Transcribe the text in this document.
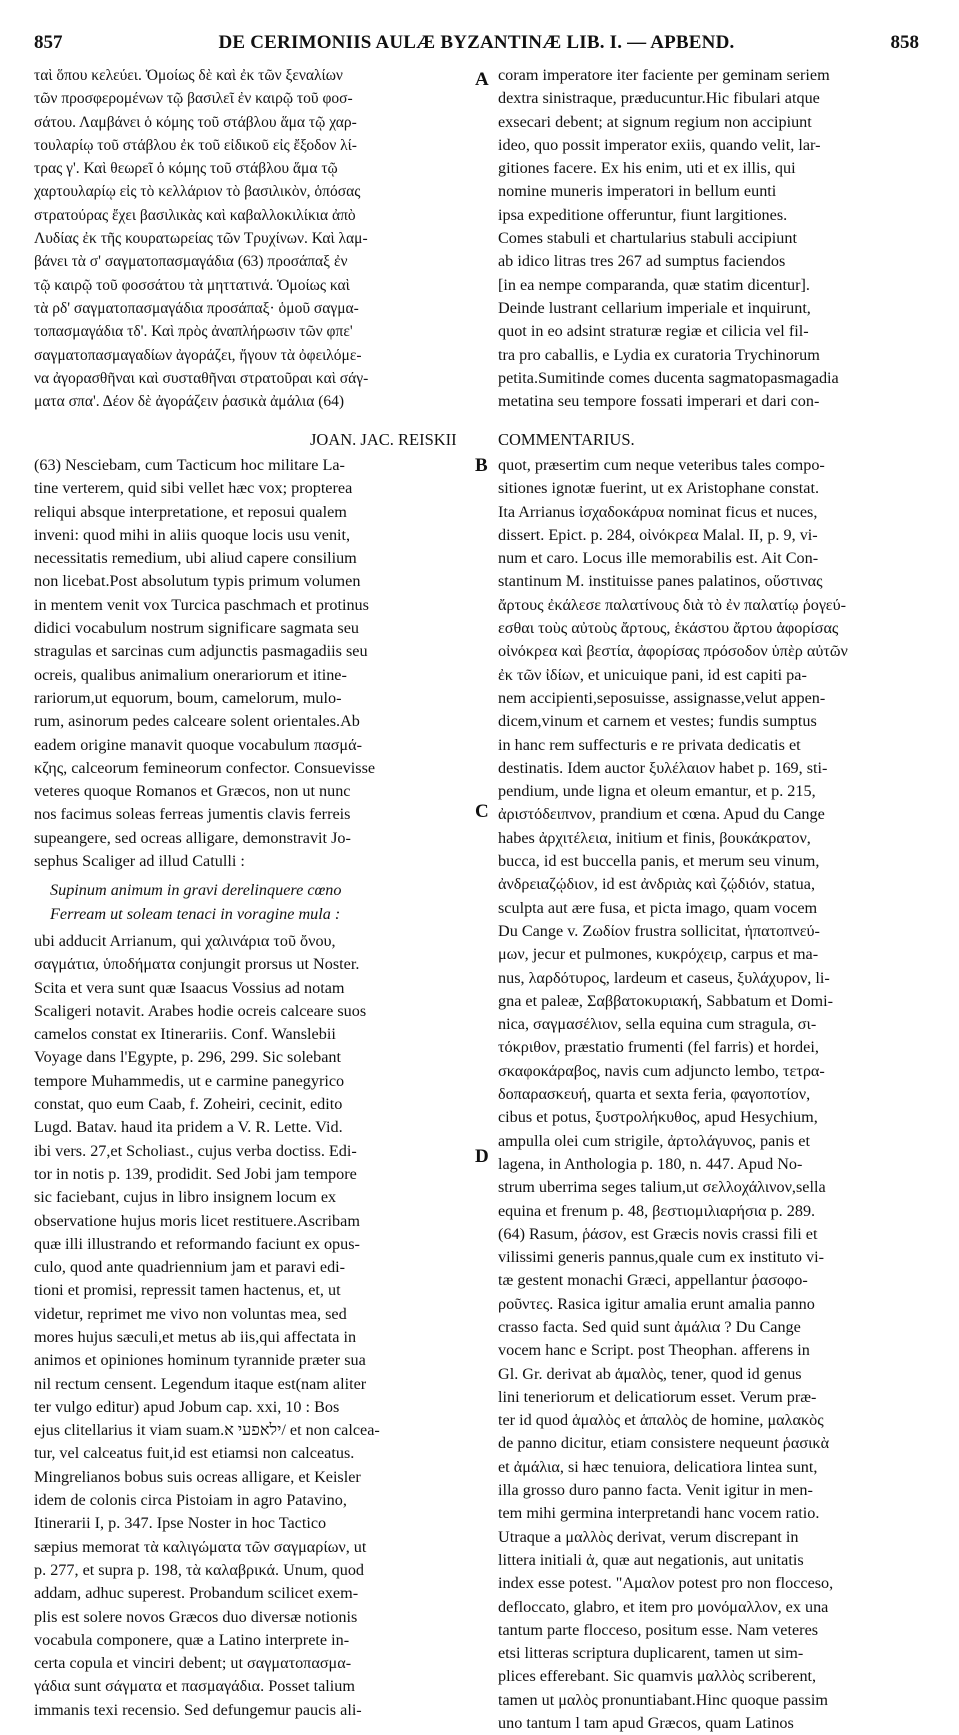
857	DE CERIMONIIS AULÆ BYZANTINÆ LIB. I. — APBEND.	858
ταὶ ὅπου κελεύει. Ὁμοίως δὲ καὶ ἐκ τῶν ξεναλίων
τῶν προσφερομένων τῷ βασιλεῖ ἐν καιρῷ τοῦ φοσ-
σάτου. Λαμβάνει ὁ κόμης τοῦ στάβλου ἅμα τῷ χαρ-
τουλαρίῳ τοῦ στάβλου ἐκ τοῦ εἰδικοῦ εἰς ἔξοδον λί-
τρας γ'. Καὶ θεωρεῖ ὁ κόμης τοῦ στάβλου ἅμα τῷ
χαρτουλαρίῳ εἰς τὸ κελλάριον τὸ βασιλικὸν, ὁπόσας
στρατούρας ἔχει βασιλικὰς καὶ καβαλλοκιλίκια ἀπὸ
Λυδίας ἐκ τῆς κουρατωρείας τῶν Τρυχίνων. Καὶ λαμ-
βάνει τὰ σ' σαγματοπασμαγάδια (63) προσάπαξ ἐν
τῷ καιρῷ τοῦ φοσσάτου τὰ μηττατινά. Ὁμοίως καὶ
τὰ ρδ' σαγματοπασμαγάδια προσάπαξ· ὁμοῦ σαγμα-
τοπασμαγάδια τδ'. Καὶ πρὸς ἀναπλήρωσιν τῶν φπε'
σαγματοπασμαγαδίων ἀγοράζει, ἤγουν τὰ ὀφειλόμε-
να ἀγορασθῆναι καὶ συσταθῆναι στρατοῦραι καὶ σάγ-
ματα σπα'. Δέον δὲ ἀγοράζειν ῥασικὰ ἀμάλια (64)
coram imperatore iter faciente per geminam seriem
dextra sinistraque, præducuntur.Hic fibulari atque
exsecari debent; at signum regium non accipiunt
ideo, quo possit imperator exiis, quando velit, lar-
gitiones facere. Ex his enim, uti et ex illis, qui
nomine muneris imperatori in bellum eunti
ipsa expeditione offeruntur, fiunt largitiones.
Comes stabuli et chartularius stabuli accipiunt
ab idico litras tres 267 ad sumptus faciendos
[in ea nempe comparanda, quæ statim dicentur].
Deinde lustrant cellarium imperiale et inquirunt,
quot in eo adsint straturæ regiæ et cilicia vel fil-
tra pro caballis, e Lydia ex curatoria Trychinorum
petita.Sumitinde comes ducenta sagmatopasmagadia
metatina seu tempore fossati imperari et dari con-
A
B
C
D
JOAN. JAC. REISKII	COMMENTARIUS.
(63) Nesciebam, cum Tacticum hoc militare La-
tine verterem, quid sibi vellet hæc vox; propterea
reliqui absque interpretatione, et reposui qualem
inveni: quod mihi in aliis quoque locis usu venit,
necessitatis remedium, ubi aliud capere consilium
non licebat.Post absolutum typis primum volumen
in mentem venit vox Turcica paschmach et protinus
didici vocabulum nostrum significare sagmata seu
stragulas et sarcinas cum adjunctis pasmagadiis seu
ocreis, qualibus animalium onerariorum et itine-
rariorum,ut equorum, boum, camelorum, mulo-
rum, asinorum pedes calceare solent orientales.Ab
eadem origine manavit quoque vocabulum πασμά-
κζης, calceorum femineorum confector. Consuevisse
veteres quoque Romanos et Græcos, non ut nunc
nos facimus soleas ferreas jumentis clavis ferreis
supeangere, sed ocreas alligare, demonstravit Jo-
sephus Scaliger ad illud Catulli :
Supinum animum in gravi derelinquere cœno
Ferream ut soleam tenaci in voragine mula :
ubi adducit Arrianum, qui χαλινάρια τοῦ ὄνου,
σαγμάτια, ὑποδήματα conjungit prorsus ut Noster.
Scita et vera sunt quæ Isaacus Vossius ad notam
Scaligeri notavit. Arabes hodie ocreis calceare suos
camelos constat ex Itinerariis. Conf. Wanslebii
Voyage dans l'Egypte, p. 296, 299. Sic solebant
tempore Muhammedis, ut e carmine panegyrico
constat, quo eum Caab, f. Zoheiri, cecinit, edito
Lugd. Batav. haud ita pridem a V. R. Lette. Vid.
ibi vers. 27,et Scholiast., cujus verba doctiss. Edi-
tor in notis p. 139, prodidit. Sed Jobi jam tempore
sic faciebant, cujus in libro insignem locum ex
observatione hujus moris licet restituere.Ascribam
quæ illi illustrando et reformando faciunt ex opus-
culo, quod ante quadriennium jam et paravi edi-
tioni et promisi, repressit tamen hactenus, et, ut
videtur, reprimet me vivo non voluntas mea, sed
mores hujus sæculi,et metus ab iis,qui affectata in
animos et opiniones hominum tyrannide præter sua
nil rectum censent. Legendum itaque est(nam aliter
ter vulgo editur) apud Jobum cap. xxi, 10 : Bos
ejus clitellarius it viam suam.ילאפעי א/ et non calcea-
tur, vel calceatus fuit,id est etiamsi non calceatus.
Mingrelianos bobus suis ocreas alligare, et Keisler
idem de colonis circa Pistoiam in agro Patavino,
Itinerarii I, p. 347. Ipse Noster in hoc Tactico
sæpius memorat τὰ καλιγώματα τῶν σαγμαρίων, ut
p. 277, et supra p. 198, τὰ καλαβρικά. Unum, quod
addam, adhuc superest. Probandum scilicet exem-
plis est solere novos Græcos duo diversæ notionis
vocabula componere, quæ a Latino interprete in-
certa copula et vinciri debent; ut σαγματοπασμα-
γάδια sunt σάγματα et πασμαγάδια. Posset talium
immanis texi recensio. Sed defungemur paucis ali-
quot, præsertim cum neque veteribus tales compo-
sitiones ignotæ fuerint, ut ex Aristophane constat.
Ita Arrianus ἰσχαδοκάρυα nominat ficus et nuces,
dissert. Epict. p. 284, οἰνόκρεα Malal. II, p. 9, vi-
num et caro. Locus ille memorabilis est. Ait Con-
stantinum M. instituisse panes palatinos, οὕστινας
ἄρτους ἐκάλεσε παλατίνους διὰ τὸ ἐν παλατίῳ ῥογεύ-
εσθαι τοὺς αὐτοὺς ἄρτους, ἑκάστου ἄρτου ἀφορίσας
οἰνόκρεα καὶ βεστία, ἀφορίσας πρόσοδον ὑπὲρ αὐτῶν
ἐκ τῶν ἰδίων, et unicuique pani, id est capiti pa-
nem accipienti,seposuisse, assignasse,velut appen-
dicem,vinum et carnem et vestes; fundis sumptus
in hanc rem suffecturis e re privata dedicatis et
destinatis. Idem auctor ξυλέλαιον habet p. 169, sti-
pendium, unde ligna et oleum emantur, et p. 215,
ἀριστόδειπνον, prandium et cœna. Apud du Cange
habes ἀρχιτέλεια, initium et finis, βουκάκρατον,
bucca, id est buccella panis, et merum seu vinum,
ἀνδρειαζῴδιον, id est ἀνδριὰς καὶ ζῴδιόν, statua,
sculpta aut ære fusa, et picta imago, quam vocem
Du Cange v. Ζωδίον frustra sollicitat, ἡπατοπνεύ-
μων, jecur et pulmones, κυκρόχειρ, carpus et ma-
nus, λαρδότυρος, lardeum et caseus, ξυλάχυρον, li-
gna et paleæ, Σαββατοκυριακή, Sabbatum et Domi-
nica, σαγμασέλιον, sella equina cum stragula, σι-
τόκριθον, præstatio frumenti (fel farris) et hordei,
σκαφοκάραβος, navis cum adjuncto lembo, τετρα-
δοπαρασκευή, quarta et sexta feria, φαγοποτίον,
cibus et potus, ξυστρολήκυθος, apud Hesychium,
ampulla olei cum strigile, ἀρτολάγυνος, panis et
lagena, in Anthologia p. 180, n. 447. Apud No-
strum uberrima seges talium,ut σελλοχάλινον,sella
equina et frenum p. 48, βεστιομιλιαρήσια p. 289.
(64) Rasum, ῥάσον, est Græcis novis crassi fili et
vilissimi generis pannus,quale cum ex instituto vi-
tæ gestent monachi Græci, appellantur ῥασοφο-
ροῦντες. Rasica igitur amalia erunt amalia panno
crasso facta. Sed quid sunt ἀμάλια ? Du Cange
vocem hanc e Script. post Theophan. afferens in
Gl. Gr. derivat ab ἁμαλὸς, tener, quod id genus
lini teneriorum et delicatiorum esset. Verum præ-
ter id quod ἁμαλὸς et ἁπαλὸς de homine, μαλακὸς
de panno dicitur, etiam consistere nequeunt ῥασικὰ
et ἀμάλια, si hæc tenuiora, delicatiora lintea sunt,
illa grosso duro panno facta. Venit igitur in men-
tem mihi germina interpretandi hanc vocem ratio.
Utraque a μαλλὸς derivat, verum discrepant in
littera initiali ἀ, quæ aut negationis, aut unitatis
index esse potest. "Αμαλον potest pro non flocceso,
defloccato, glabro, et item pro μονόμαλλον, ex una
tantum parte flocceso, positum esse. Nam veteres
etsi litteras scriptura duplicarent, tamen ut sim-
plices efferebant. Sic quamvis μαλλὸς scriberent,
tamen ut μαλὸς pronuntiabant.Hinc quoque passim
uno tantum l tam apud Græcos, quam Latinos
